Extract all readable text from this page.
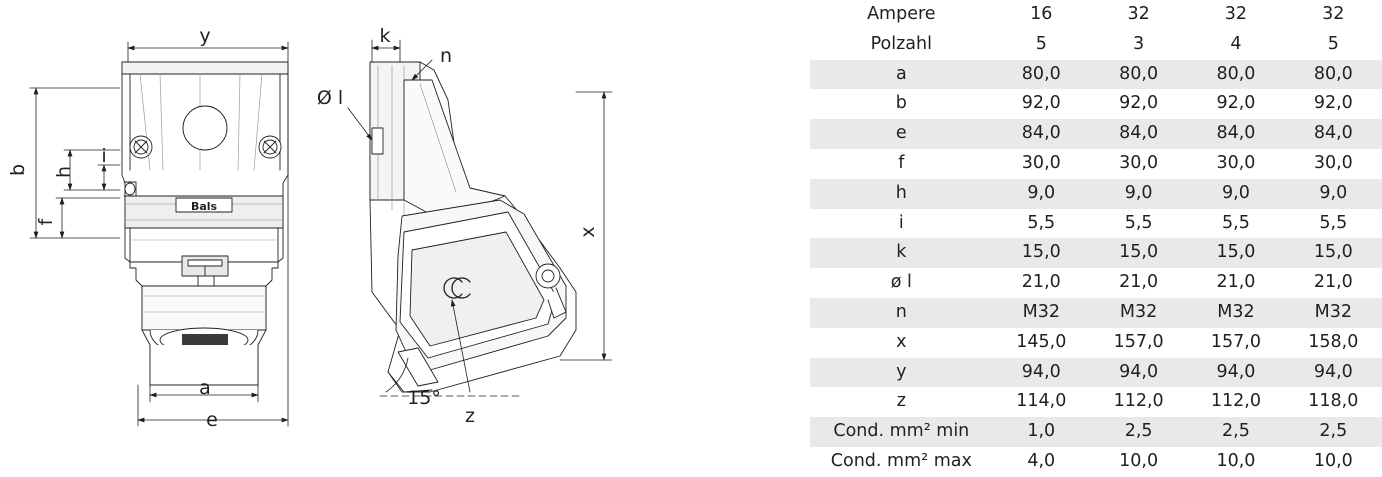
Bals
y
b h
i
f
a
e
k
n
Ø l
x
z
15°
Ampere	16	32	32	32
Polzahl	5	3	4	5
a	80,0	80,0	80,0	80,0
b	92,0	92,0	92,0	92,0
e	84,0	84,0	84,0	84,0
f	30,0	30,0	30,0	30,0
h	9,0	9,0	9,0	9,0
i	5,5	5,5	5,5	5,5
k	15,0	15,0	15,0	15,0
ø l	21,0	21,0	21,0	21,0
n	M32	M32	M32	M32
x	145,0	157,0	157,0	158,0
y	94,0	94,0	94,0	94,0
z	114,0	112,0	112,0	118,0
Cond. mm² min	1,0	2,5	2,5	2,5
Cond. mm² max	4,0	10,0	10,0	10,0
